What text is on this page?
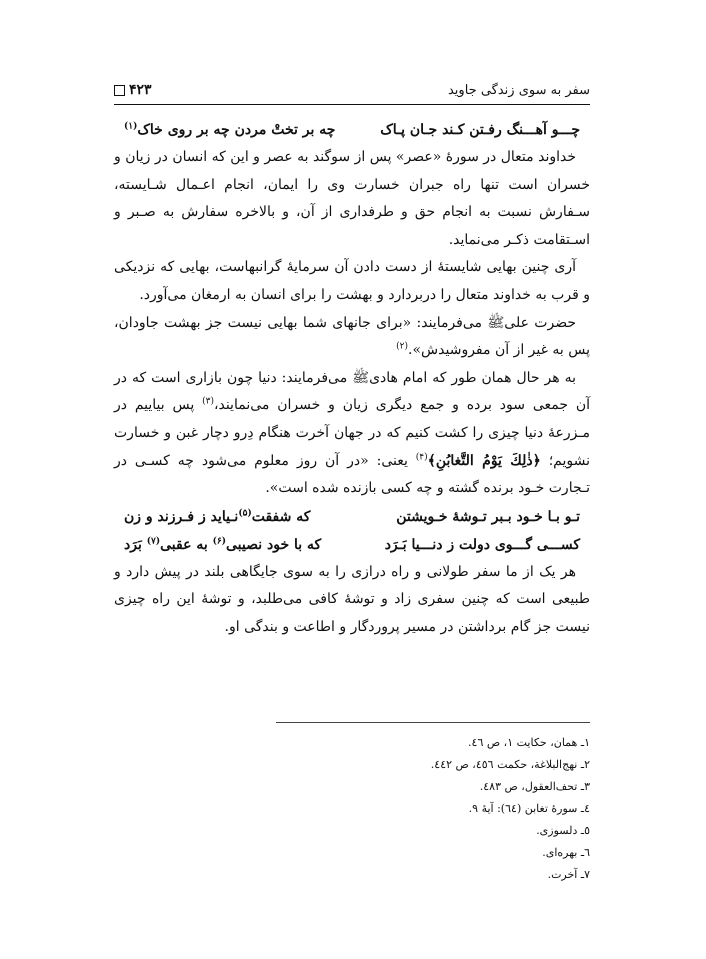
سفر به سوی زندگی جاوید
۴۲۳
چـــو آهـــنگ رفـتن کـند جـان پـاک
چه بر تختْ مردن چه بر روی خاک$^{(۱)}$

خداوند متعال در سورهٔ «عصر» پس از سوگند به عصر و این که انسان در زیان و خسران است تنها راه جبران خسارت وی را ایمان، انجام اعـمال شـایسته، سـفارش نسبت به انجام حق و طرفداری از آن، و بالاخره سفارش به صـبر و اسـتقامت ذکـر می‌نماید.

آری چنین بهایی شایستهٔ از دست دادن آن سرمایهٔ گرانبهاست، بهایی که نزدیکی و قرب به خداوند متعال را دربردارد و بهشت را برای انسان به ارمغان می‌آورد.

حضرت علی‌ﷺ می‌فرمایند: «برای جانهای شما بهایی نیست جز بهشت جاودان، پس به غیر از آن مفروشیدش».$^{(۲)}$

به هر حال همان طور که امام هادی‌ﷺ می‌فرمایند: دنیا چون بازاری است که در آن جمعی سود برده و جمع دیگری زیان و خسران می‌نمایند،$^{(۳)}$ پس بیاییم در مـزرعهٔ دنیا چیزی را کشت کنیم که در جهان آخرت هنگام دِرو دچار غبن و خسارت نشویم؛ ﴿ذٰلِكَ يَوْمُ التَّغابُنِ﴾$^{(۴)}$ یعنی: «در آن روز معلوم می‌شود چه کسـی در تـجارت خـود برنده گشته و چه کسی بازنده شده است».

تـو بـا خـود بـبر تـوشهٔ خـویشتن
که شفقت$^{(۵)}$نـیاید ز فـرزند و زن
کســـی گـــوی دولت ز دنـــیا بَـرَد
که با خود نصیبی$^{(۶)}$ به عقبی$^{(۷)}$ بَرَد

هر یک از ما سفر طولانی و راه درازی را به سوی جایگاهی بلند در پیش دارد و طبیعی است که چنین سفری زاد و توشهٔ کافی می‌طلبد، و توشهٔ این راه چیزی نیست جز گام برداشتن در مسیر پروردگار و اطاعت و بندگی او.

۱ـ همان، حکایت ۱، ص ٤٦.
۲ـ نهج‌البلاغة، حکمت ٤٥٦، ص ٤٤٢.
۳ـ تحف‌العقول، ص ٤٨٣.
٤ـ سورهٔ تغابن (٦٤): آیهٔ ۹.
٥ـ دلسوزی.
٦ـ بهره‌ای.
۷ـ آخرت.
